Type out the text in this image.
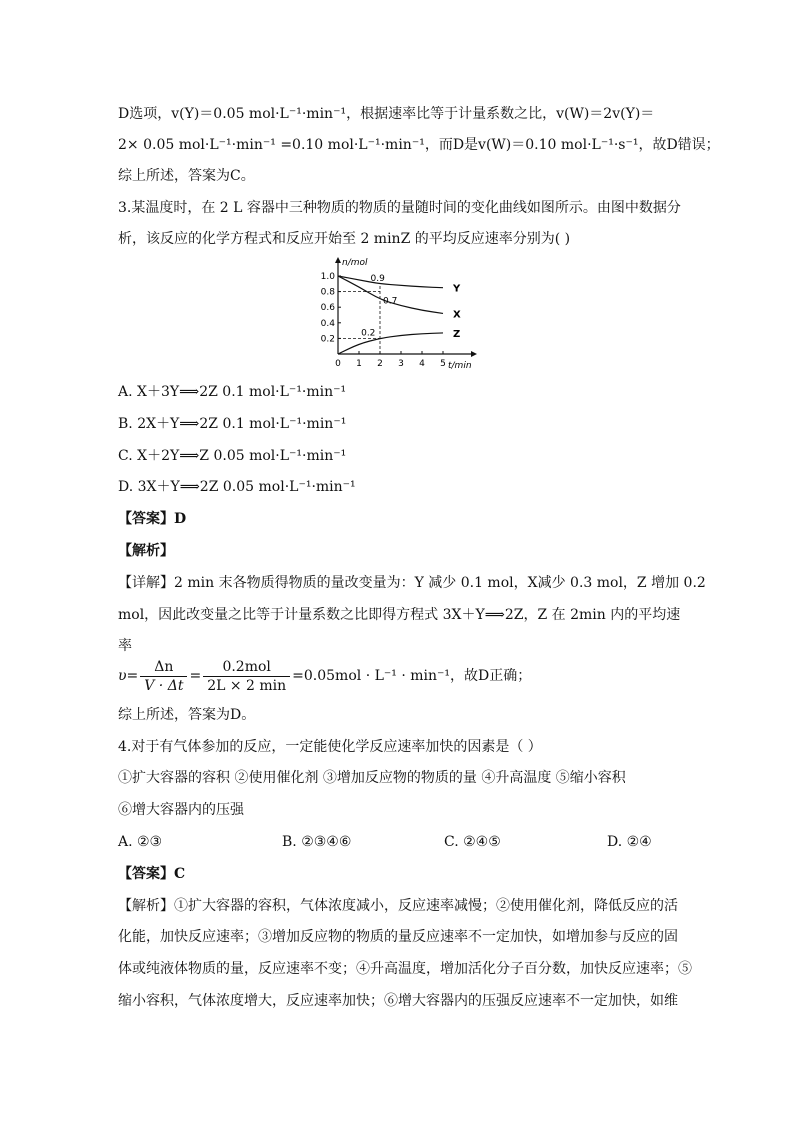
D选项，v(Y)＝0.05 mol·L⁻¹·min⁻¹，根据速率比等于计量系数之比，v(W)＝2v(Y)＝
2× 0.05 mol·L⁻¹·min⁻¹ =0.10 mol·L⁻¹·min⁻¹，而D是v(W)＝0.10 mol·L⁻¹·s⁻¹，故D错误；
综上所述，答案为C。
3.某温度时，在 2 L 容器中三种物质的物质的量随时间的变化曲线如图所示。由图中数据分
析，该反应的化学方程式和反应开始至 2 minZ 的平均反应速率分别为( )
n/mol
t/min
0.2
0.4
0.6
0.8
1.0
0 1 2 3 4 5
Y
X
Z
0.9
0.7
0.2
A. X＋3Y⟹2Z 0.1 mol·L⁻¹·min⁻¹
B. 2X＋Y⟹2Z 0.1 mol·L⁻¹·min⁻¹
C. X＋2Y⟹Z 0.05 mol·L⁻¹·min⁻¹
D. 3X＋Y⟹2Z 0.05 mol·L⁻¹·min⁻¹
【答案】D
【解析】
【详解】2 min 末各物质得物质的量改变量为：Y 减少 0.1 mol，X减少 0.3 mol，Z 增加 0.2
mol，因此改变量之比等于计量系数之比即得方程式 3X＋Y⟹2Z，Z 在 2min 内的平均速
率
$\upsilon= \frac{\Delta n}{V \cdot \Delta t} = \frac{\text{0.2mol}}{2L \times 2 \min} =0.05mol \cdot L^{-1} \cdot \min^{-1}$，故D正确；
综上所述，答案为D。
4.对于有气体参加的反应，一定能使化学反应速率加快的因素是（ ）
①扩大容器的容积 ②使用催化剂 ③增加反应物的物质的量 ④升高温度 ⑤缩小容积
⑥增大容器内的压强
A. ②③	B. ②③④⑥	C. ②④⑤	D. ②④
【答案】C
【解析】①扩大容器的容积，气体浓度减小，反应速率减慢；②使用催化剂，降低反应的活
化能，加快反应速率；③增加反应物的物质的量反应速率不一定加快，如增加参与反应的固
体或纯液体物质的量，反应速率不变；④升高温度，增加活化分子百分数，加快反应速率；⑤
缩小容积，气体浓度增大，反应速率加快；⑥增大容器内的压强反应速率不一定加快，如维
